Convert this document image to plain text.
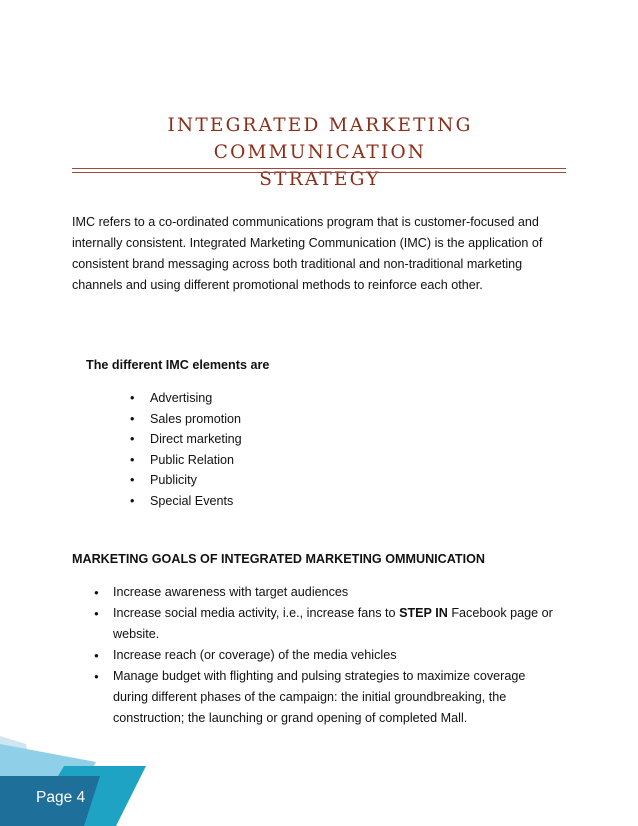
INTEGRATED MARKETING COMMUNICATION
STRATEGY

IMC refers to a co-ordinated communications program that is customer-focused and internally consistent. Integrated Marketing Communication (IMC) is the application of consistent brand messaging across both traditional and non-traditional marketing channels and using different promotional methods to reinforce each other.

The different IMC elements are

• Advertising
• Sales promotion
• Direct marketing
• Public Relation
• Publicity
• Special Events

MARKETING GOALS OF INTEGRATED MARKETING OMMUNICATION

● Increase awareness with target audiences
● Increase social media activity, i.e., increase fans to STEP IN Facebook page or website.
● Increase reach (or coverage) of the media vehicles
● Manage budget with flighting and pulsing strategies to maximize coverage during different phases of the campaign: the initial groundbreaking, the construction; the launching or grand opening of completed Mall.

Page 4
